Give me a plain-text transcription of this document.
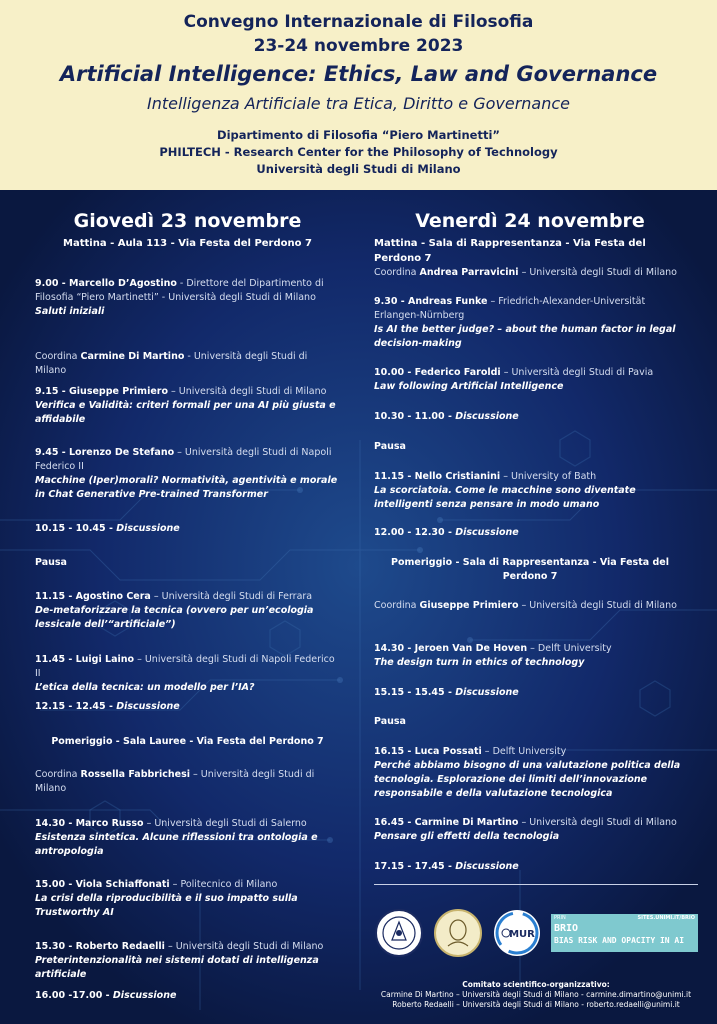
Convegno Internazionale di Filosofia
23-24 novembre 2023
Artificial Intelligence: Ethics, Law and Governance
Intelligenza Artificiale tra Etica, Diritto e Governance
Dipartimento di Filosofia “Piero Martinetti”
PHILTECH - Research Center for the Philosophy of Technology
Università degli Studi di Milano
Giovedì 23 novembre
Mattina - Aula 113 - Via Festa del Perdono 7
9.00 - Marcello D’Agostino - Direttore del Dipartimento di Filosofia “Piero Martinetti” - Università degli Studi di Milano
Saluti iniziali
Coordina Carmine Di Martino - Università degli Studi di Milano
9.15 - Giuseppe Primiero – Università degli Studi di Milano
Verifica e Validità: criteri formali per una AI più giusta e affidabile
9.45 - Lorenzo De Stefano – Università degli Studi di Napoli Federico II
Macchine (Iper)morali? Normatività, agentività e morale in Chat Generative Pre-trained Transformer
10.15 - 10.45 - Discussione
Pausa
11.15 - Agostino Cera – Università degli Studi di Ferrara
De-metaforizzare la tecnica (ovvero per un’ecologia lessicale dell’“artificiale”)
11.45 - Luigi Laino – Università degli Studi di Napoli Federico II
L’etica della tecnica: un modello per l’IA?
12.15 - 12.45 - Discussione
Pomeriggio - Sala Lauree - Via Festa del Perdono 7
Coordina Rossella Fabbrichesi – Università degli Studi di Milano
14.30 - Marco Russo – Università degli Studi di Salerno
Esistenza sintetica. Alcune riflessioni tra ontologia e antropologia
15.00 - Viola Schiaffonati – Politecnico di Milano
La crisi della riproducibilità e il suo impatto sulla Trustworthy AI
15.30 - Roberto Redaelli – Università degli Studi di Milano
Preterintenzionalità nei sistemi dotati di intelligenza artificiale
16.00 -17.00 - Discussione
Venerdì 24 novembre
Mattina - Sala di Rappresentanza - Via Festa del Perdono 7
Coordina Andrea Parravicini – Università degli Studi di Milano
9.30 - Andreas Funke – Friedrich-Alexander-Universität Erlangen-Nürnberg
Is AI the better judge? – about the human factor in legal decision-making
10.00 - Federico Faroldi – Università degli Studi di Pavia
Law following Artificial Intelligence
10.30 - 11.00 - Discussione
Pausa
11.15 - Nello Cristianini – University of Bath
La scorciatoia. Come le macchine sono diventate intelligenti senza pensare in modo umano
12.00 - 12.30 - Discussione
Pomeriggio - Sala di Rappresentanza - Via Festa del Perdono 7
Coordina Giuseppe Primiero – Università degli Studi di Milano
14.30 - Jeroen Van De Hoven – Delft University
The design turn in ethics of technology
15.15 - 15.45 - Discussione
Pausa
16.15 - Luca Possati – Delft University
Perché abbiamo bisogno di una valutazione politica della tecnologia. Esplorazione dei limiti dell’innovazione responsabile e della valutazione tecnologica
16.45 - Carmine Di Martino – Università degli Studi di Milano
Pensare gli effetti della tecnologia
17.15 - 17.45 - Discussione
MUR
SITES.UNIMI.IT/BRIO
PRIN
BRIO
BIAS RISK AND OPACITY IN AI
Comitato scientifico-organizzativo:
Carmine Di Martino – Università degli Studi di Milano - carmine.dimartino@unimi.it
Roberto Redaelli – Università degli Studi di Milano - roberto.redaelli@unimi.it
